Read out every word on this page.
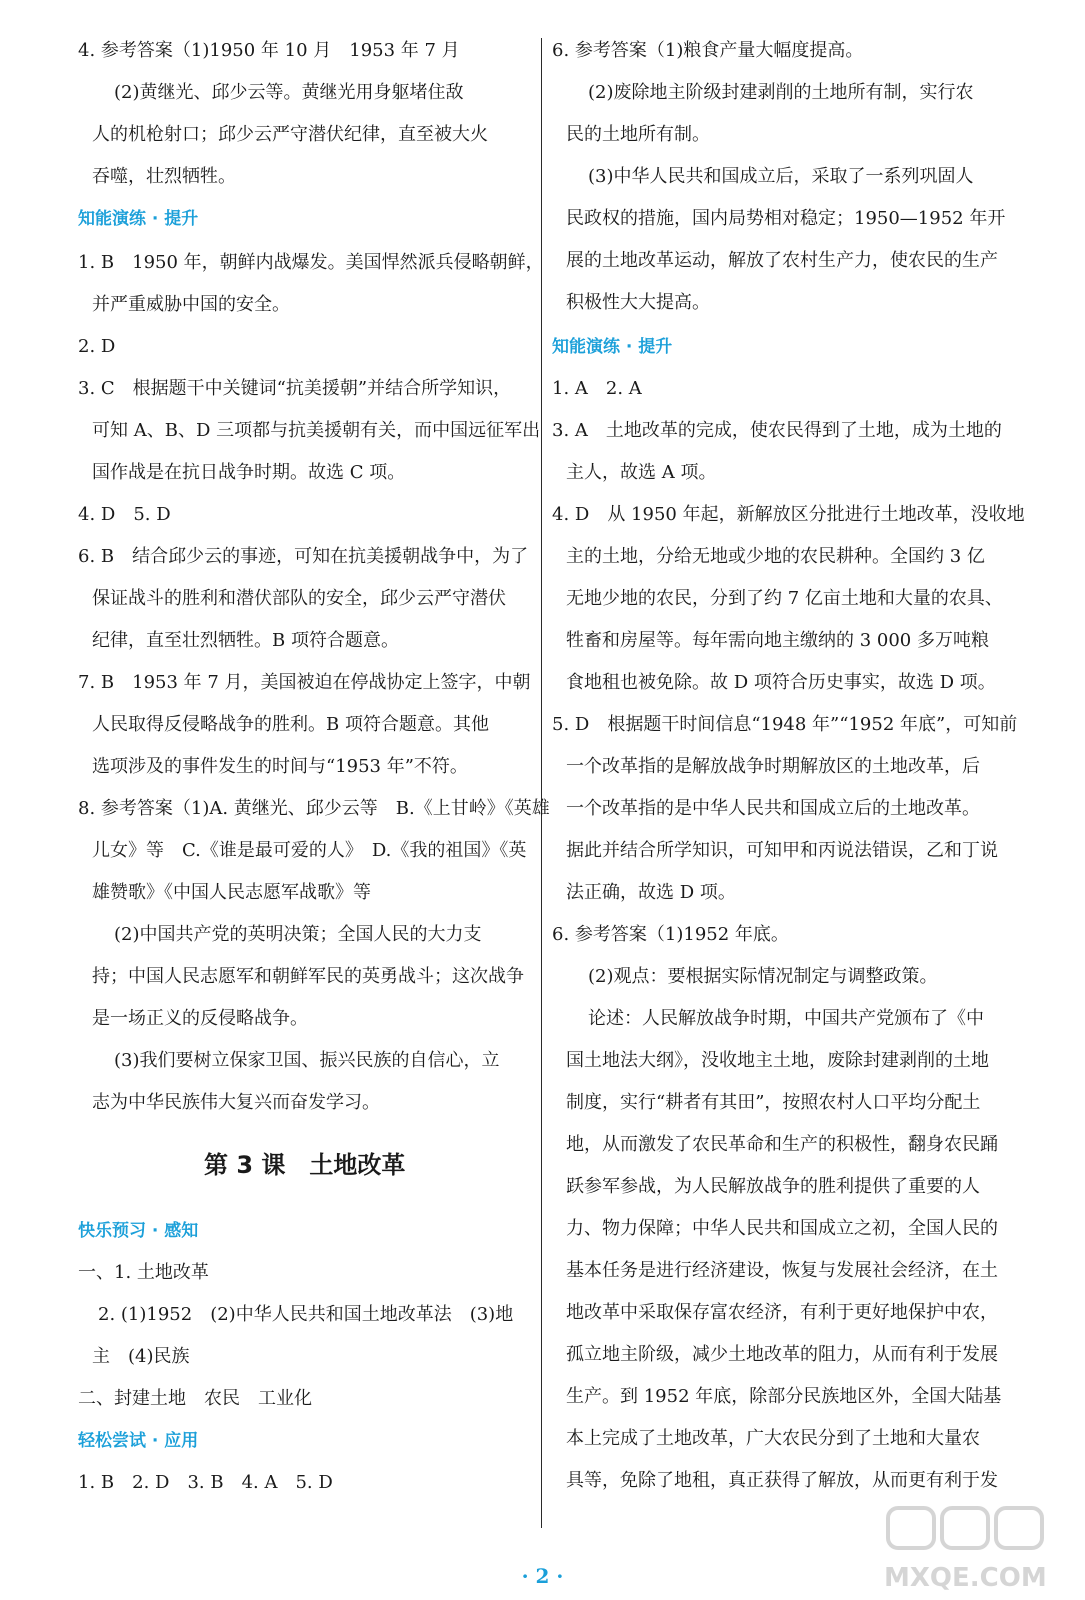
4. 参考答案（1)1950 年 10 月　1953 年 7 月
(2)黄继光、邱少云等。黄继光用身躯堵住敌
人的机枪射口；邱少云严守潜伏纪律，直至被大火
吞噬，壮烈牺牲。
知能演练 · 提升
1. B　1950 年，朝鲜内战爆发。美国悍然派兵侵略朝鲜，
并严重威胁中国的安全。
2. D
3. C　根据题干中关键词“抗美援朝”并结合所学知识，
可知 A、B、D 三项都与抗美援朝有关，而中国远征军出
国作战是在抗日战争时期。故选 C 项。
4. D　5. D
6. B　结合邱少云的事迹，可知在抗美援朝战争中，为了
保证战斗的胜利和潜伏部队的安全，邱少云严守潜伏
纪律，直至壮烈牺牲。B 项符合题意。
7. B　1953 年 7 月，美国被迫在停战协定上签字，中朝
人民取得反侵略战争的胜利。B 项符合题意。其他
选项涉及的事件发生的时间与“1953 年”不符。
8. 参考答案（1)A. 黄继光、邱少云等　B.《上甘岭》《英雄
儿女》等　C.《谁是最可爱的人》　D.《我的祖国》《英
雄赞歌》《中国人民志愿军战歌》等
(2)中国共产党的英明决策；全国人民的大力支
持；中国人民志愿军和朝鲜军民的英勇战斗；这次战争
是一场正义的反侵略战争。
(3)我们要树立保家卫国、振兴民族的自信心，立
志为中华民族伟大复兴而奋发学习。
第 3 课　土地改革
快乐预习 · 感知
一、1. 土地改革
2. (1)1952　(2)中华人民共和国土地改革法　(3)地
主　(4)民族
二、封建土地　农民　工业化
轻松尝试 · 应用
1. B　2. D　3. B　4. A　5. D
6. 参考答案（1)粮食产量大幅度提高。
(2)废除地主阶级封建剥削的土地所有制，实行农
民的土地所有制。
(3)中华人民共和国成立后，采取了一系列巩固人
民政权的措施，国内局势相对稳定；1950—1952 年开
展的土地改革运动，解放了农村生产力，使农民的生产
积极性大大提高。
知能演练 · 提升
1. A　2. A
3. A　土地改革的完成，使农民得到了土地，成为土地的
主人，故选 A 项。
4. D　从 1950 年起，新解放区分批进行土地改革，没收地
主的土地，分给无地或少地的农民耕种。全国约 3 亿
无地少地的农民，分到了约 7 亿亩土地和大量的农具、
牲畜和房屋等。每年需向地主缴纳的 3 000 多万吨粮
食地租也被免除。故 D 项符合历史事实，故选 D 项。
5. D　根据题干时间信息“1948 年”“1952 年底”，可知前
一个改革指的是解放战争时期解放区的土地改革，后
一个改革指的是中华人民共和国成立后的土地改革。
据此并结合所学知识，可知甲和丙说法错误，乙和丁说
法正确，故选 D 项。
6. 参考答案（1)1952 年底。
(2)观点：要根据实际情况制定与调整政策。
论述：人民解放战争时期，中国共产党颁布了《中
国土地法大纲》，没收地主土地，废除封建剥削的土地
制度，实行“耕者有其田”，按照农村人口平均分配土
地，从而激发了农民革命和生产的积极性，翻身农民踊
跃参军参战，为人民解放战争的胜利提供了重要的人
力、物力保障；中华人民共和国成立之初，全国人民的
基本任务是进行经济建设，恢复与发展社会经济，在土
地改革中采取保存富农经济，有利于更好地保护中农，
孤立地主阶级，减少土地改革的阻力，从而有利于发展
生产。到 1952 年底，除部分民族地区外，全国大陆基
本上完成了土地改革，广大农民分到了土地和大量农
具等，免除了地租，真正获得了解放，从而更有利于发
· 2 ·	MXQE.COM
